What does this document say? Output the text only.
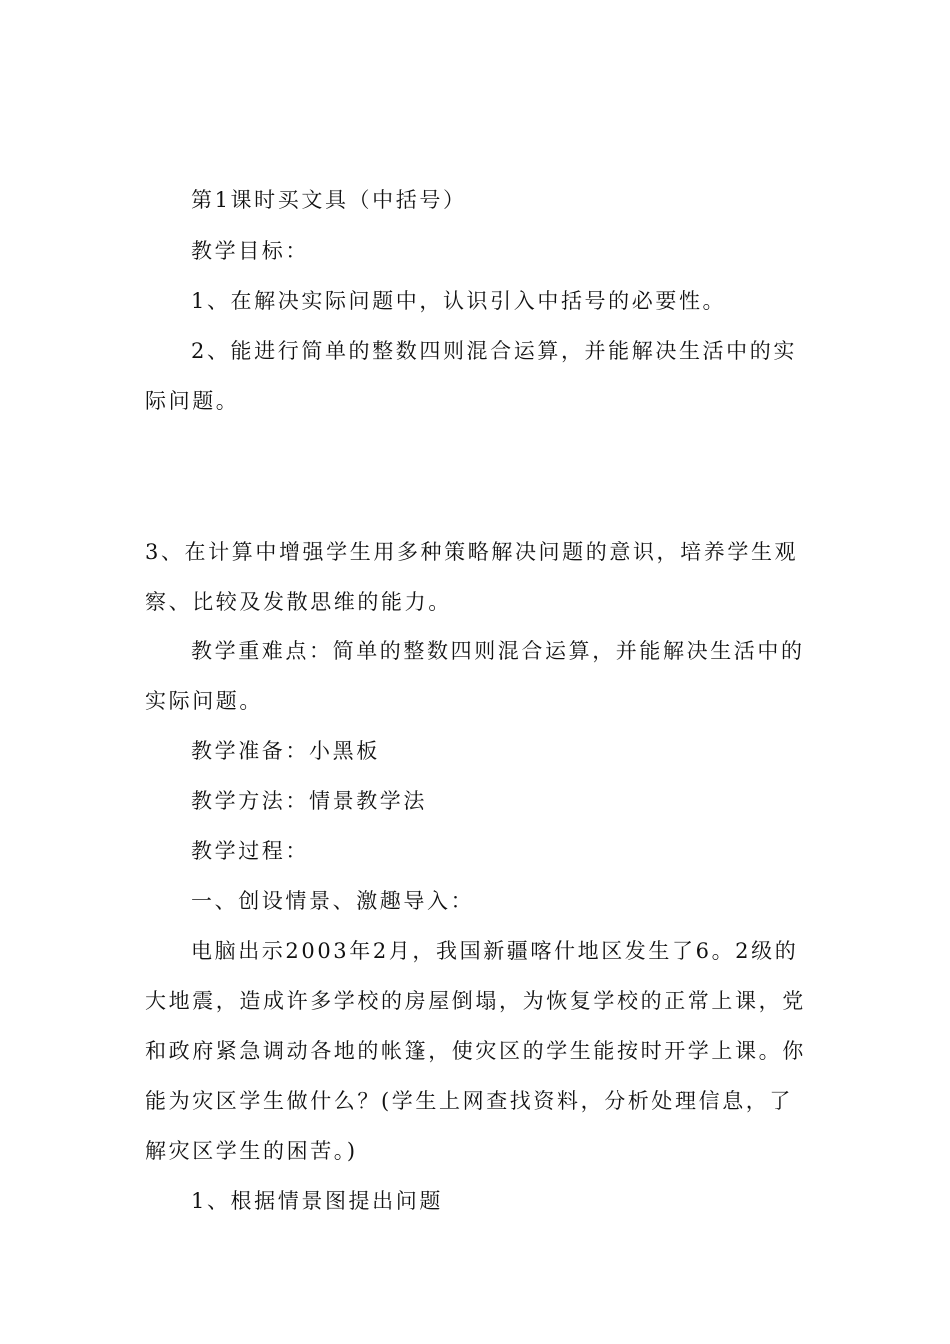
第1课时买文具（中括号）

教学目标：

1、在解决实际问题中，认识引入中括号的必要性。

2、能进行简单的整数四则混合运算，并能解决生活中的实际问题。

3、在计算中增强学生用多种策略解决问题的意识，培养学生观察、比较及发散思维的能力。

教学重难点：简单的整数四则混合运算，并能解决生活中的实际问题。

教学准备：小黑板

教学方法：情景教学法

教学过程：

一、创设情景、激趣导入：

电脑出示2003年2月，我国新疆喀什地区发生了6。2级的大地震，造成许多学校的房屋倒塌，为恢复学校的正常上课，党和政府紧急调动各地的帐篷，使灾区的学生能按时开学上课。你能为灾区学生做什么？(学生上网查找资料，分析处理信息，了解灾区学生的困苦。)

1、根据情景图提出问题
